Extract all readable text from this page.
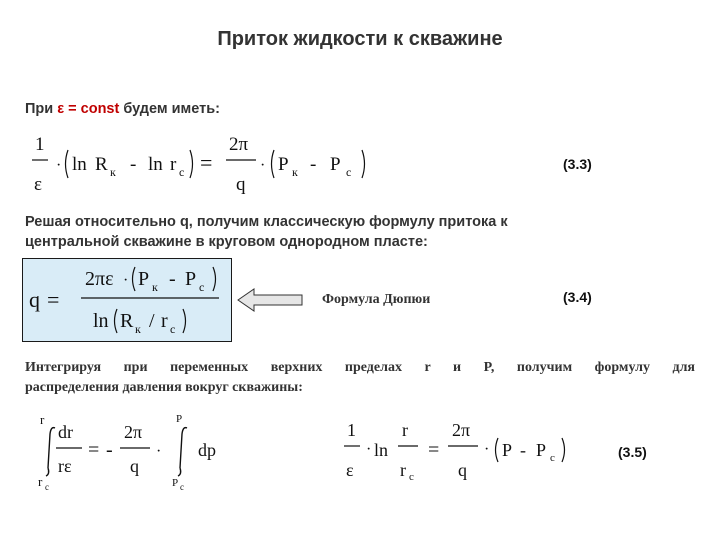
Приток жидкости к скважине
При ε = const будем иметь:
1
ε
· ln R к - ln r c =
2π
q
· P к - P c	(3.3)
Решая относительно q, получим классическую формулу притока к
центральной скважине в круговом однородном пласте:
q =
2πε · P к - P c
ln R к / r c
Формула Дюпюи	(3.4)
Интегрируя при переменных верхних пределах r и P, получим формулу для
распределения давления вокруг скважины:
r
dr
rε
r c
= -
2π
q
·
P
dp
P c
1
ε
· ln
r
r c
=
2π
q
· P - P c	(3.5)
